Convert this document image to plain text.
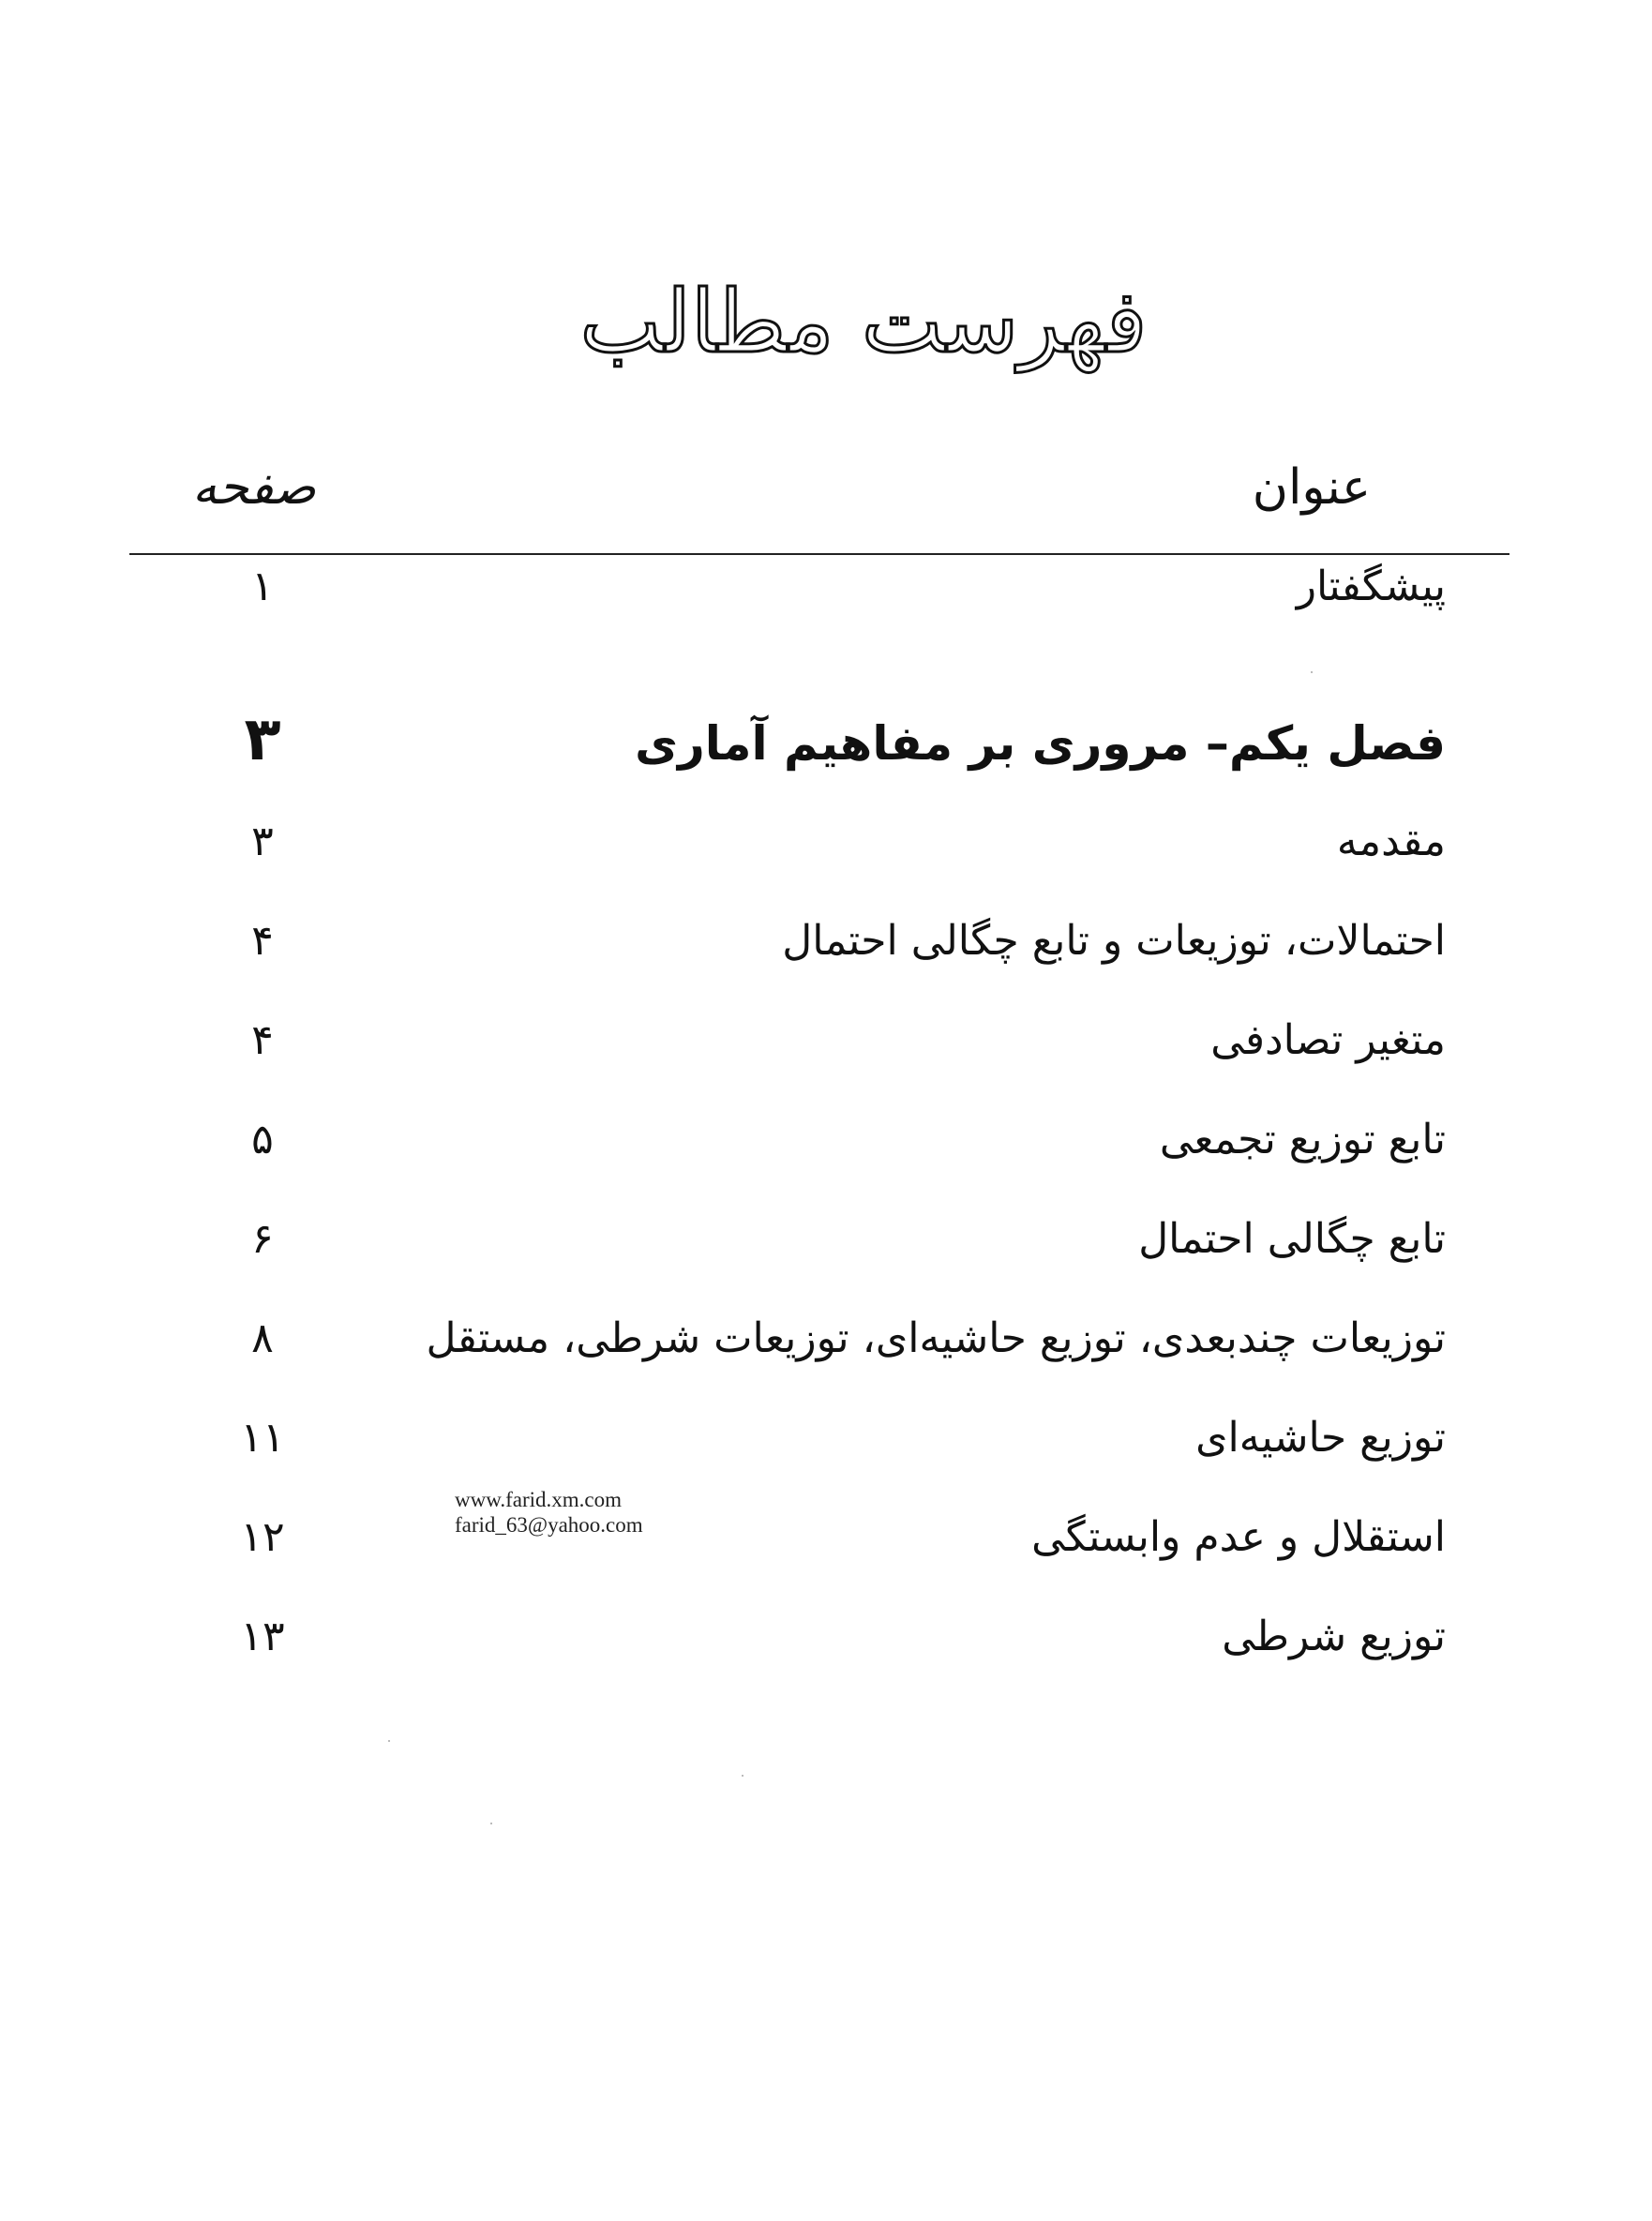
فهرست مطالب
عنوان
صفحه
پیشگفتار
۱
فصل یکم– مروری بر مفاهیم آماری
۳
مقدمه
۳
احتمالات، توزیعات و تابع چگالی احتمال
۴
متغیر تصادفی
۴
تابع توزیع تجمعی
۵
تابع چگالی احتمال
۶
توزیعات چندبعدی، توزیع حاشیه‌ای، توزیعات شرطی، مستقل
۸
توزیع حاشیه‌ای
۱۱
استقلال و عدم وابستگی
۱۲
توزیع شرطی
۱۳
www.farid.xm.com
farid_63@yahoo.com
